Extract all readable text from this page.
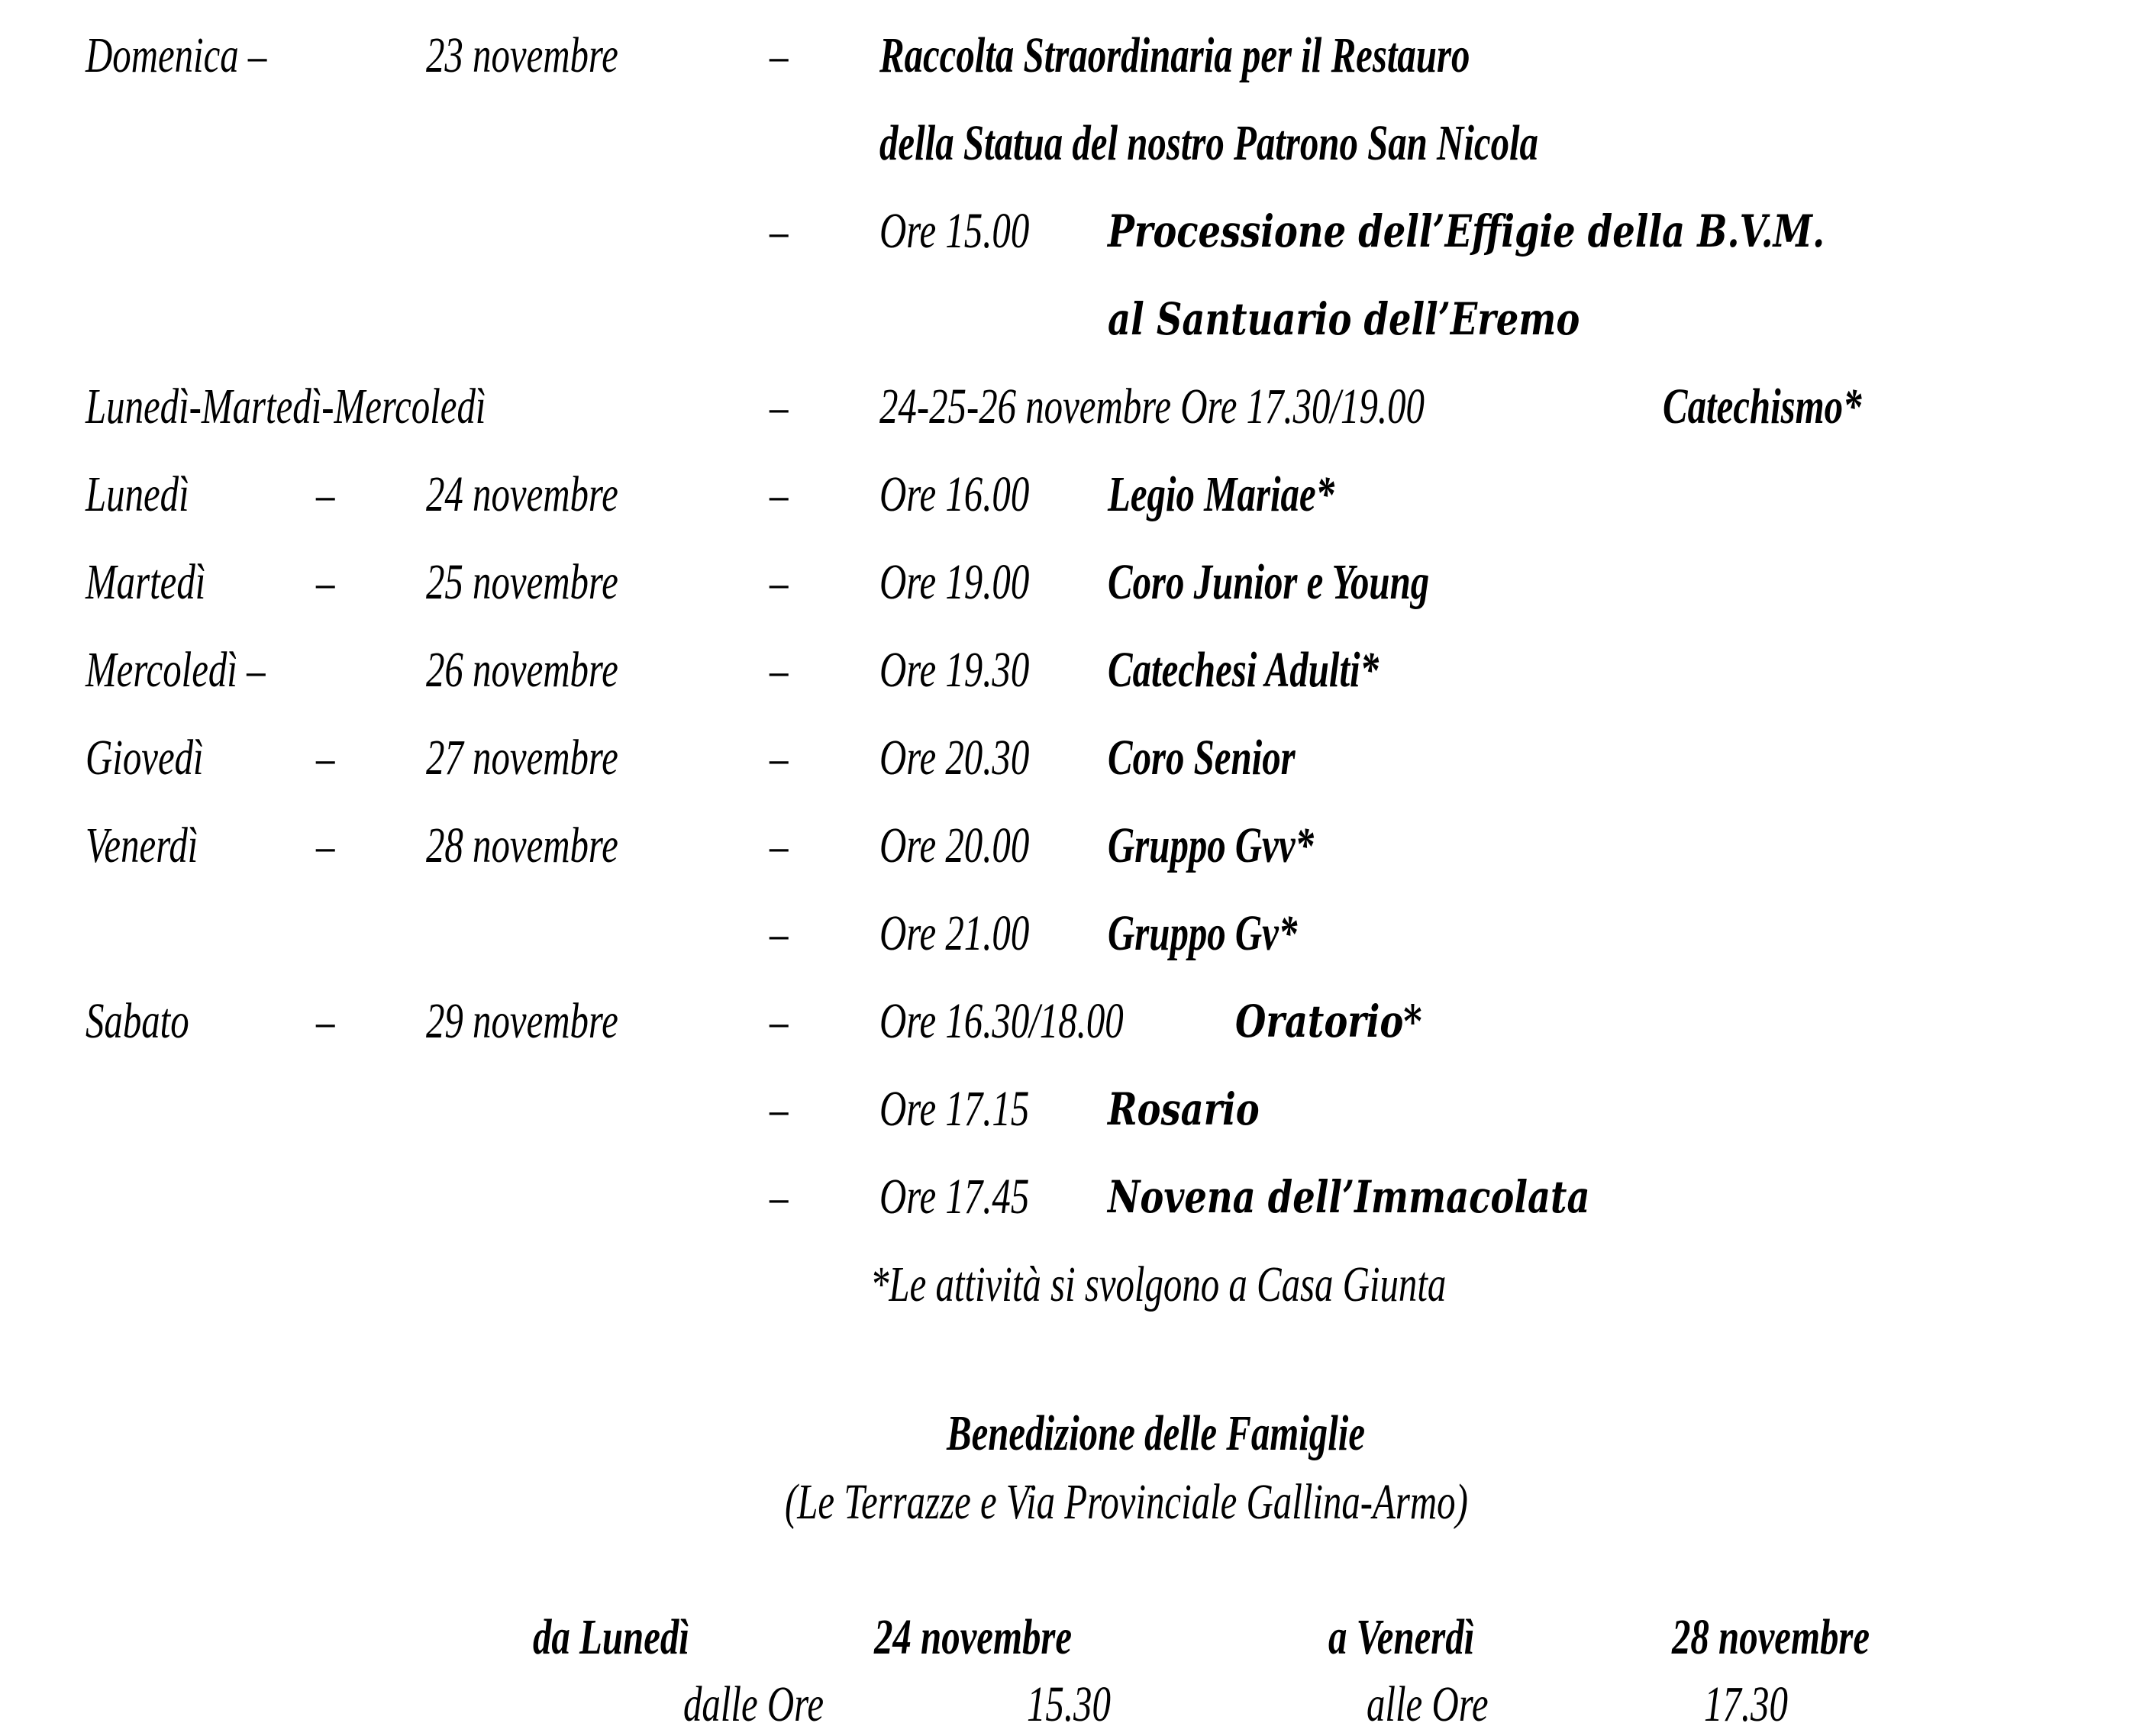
Domenica –	23 novembre	– Raccolta Straordinaria per il Restauro
della Statua del nostro Patrono San Nicola
– Ore 15.00 Processione dell’Effigie della B.V.M.
al Santuario dell’Eremo
Lunedì-Martedì-Mercoledì	– 24-25-26 novembre Ore 17.30/19.00	Catechismo*
Lunedì	– 24 novembre	– Ore 16.00 Legio Mariae*
Martedì – 25 novembre	– Ore 19.00 Coro Junior e Young
Mercoledì –	26 novembre	– Ore 19.30 Catechesi Adulti*
Giovedì – 27 novembre	– Ore 20.30 Coro Senior
Venerdì – 28 novembre	– Ore 20.00 Gruppo Gvv*
– Ore 21.00 Gruppo Gv*
Sabato	– 29 novembre	– Ore 16.30/18.00	Oratorio*
– Ore 17.15 Rosario
– Ore 17.45 Novena dell’Immacolata
*Le attività si svolgono a Casa Giunta
Benedizione delle Famiglie
(Le Terrazze e Via Provinciale Gallina-Armo)
da Lunedì	24 novembre	a Venerdì	28 novembre
dalle Ore	15.30	alle Ore	17.30
